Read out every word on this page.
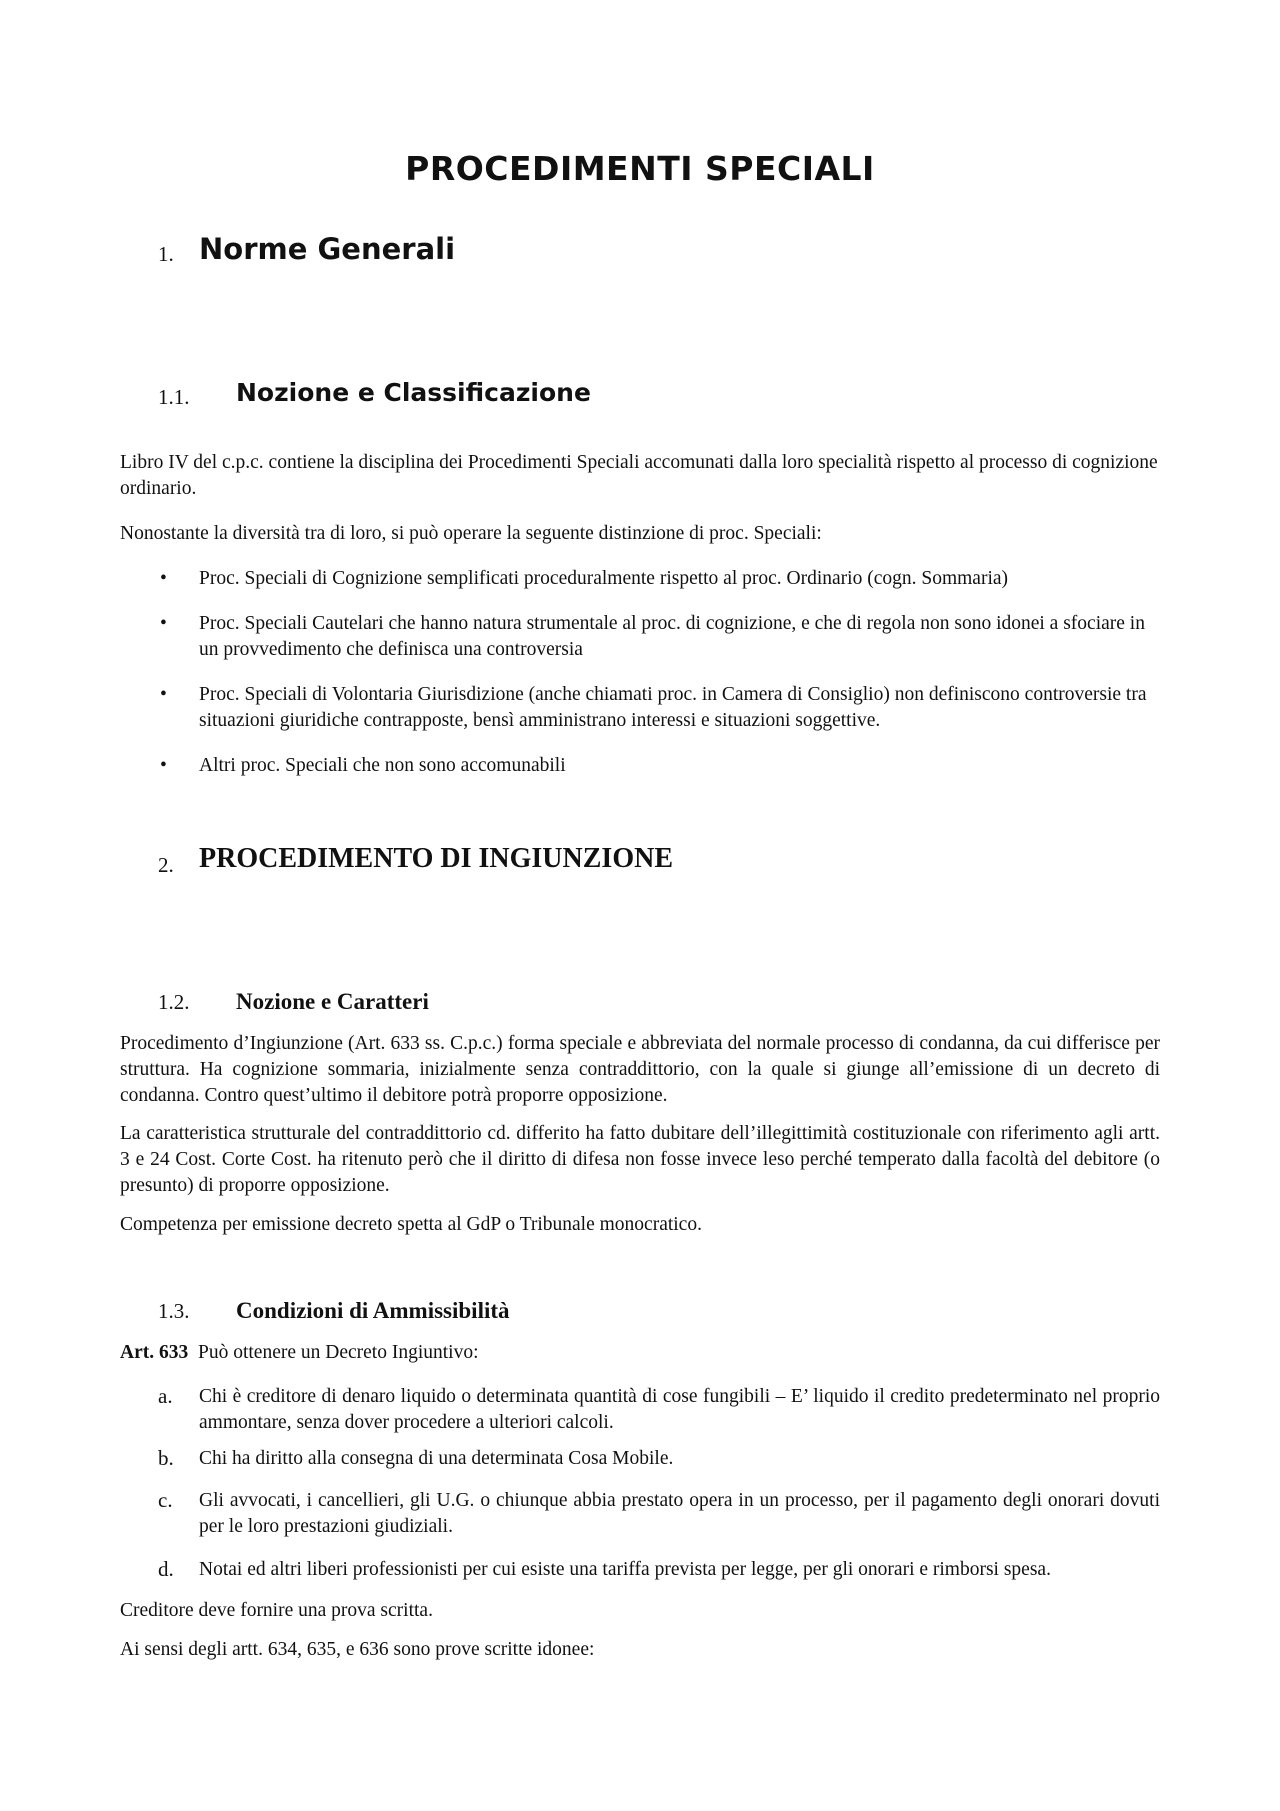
PROCEDIMENTI SPECIALI
1. Norme Generali
1.1. Nozione e Classificazione
Libro IV del c.p.c. contiene la disciplina dei Procedimenti Speciali accomunati dalla loro specialità rispetto al processo di cognizione ordinario.
Nonostante la diversità tra di loro, si può operare la seguente distinzione di proc. Speciali:
• Proc. Speciali di Cognizione semplificati proceduralmente rispetto al proc. Ordinario (cogn. Sommaria)
• Proc. Speciali Cautelari che hanno natura strumentale al proc. di cognizione, e che di regola non sono idonei a sfociare in un provvedimento che definisca una controversia
• Proc. Speciali di Volontaria Giurisdizione (anche chiamati proc. in Camera di Consiglio) non definiscono controversie tra situazioni giuridiche contrapposte, bensì amministrano interessi e situazioni soggettive.
• Altri proc. Speciali che non sono accomunabili
2. PROCEDIMENTO DI INGIUNZIONE
1.2. Nozione e Caratteri
Procedimento d’Ingiunzione (Art. 633 ss. C.p.c.) forma speciale e abbreviata del normale processo di condanna, da cui differisce per struttura. Ha cognizione sommaria, inizialmente senza contraddittorio, con la quale si giunge all’emissione di un decreto di condanna. Contro quest’ultimo il debitore potrà proporre opposizione.
La caratteristica strutturale del contraddittorio cd. differito ha fatto dubitare dell’illegittimità costituzionale con riferimento agli artt. 3 e 24 Cost. Corte Cost. ha ritenuto però che il diritto di difesa non fosse invece leso perché temperato dalla facoltà del debitore (o presunto) di proporre opposizione.
Competenza per emissione decreto spetta al GdP o Tribunale monocratico.
1.3. Condizioni di Ammissibilità
Art. 633  Può ottenere un Decreto Ingiuntivo:
a. Chi è creditore di denaro liquido o determinata quantità di cose fungibili – E’ liquido il credito predeterminato nel proprio ammontare, senza dover procedere a ulteriori calcoli.
b. Chi ha diritto alla consegna di una determinata Cosa Mobile.
c. Gli avvocati, i cancellieri, gli U.G. o chiunque abbia prestato opera in un processo, per il pagamento degli onorari dovuti per le loro prestazioni giudiziali.
d. Notai ed altri liberi professionisti per cui esiste una tariffa prevista per legge, per gli onorari e rimborsi spesa.
Creditore deve fornire una prova scritta.
Ai sensi degli artt. 634, 635, e 636 sono prove scritte idonee:
